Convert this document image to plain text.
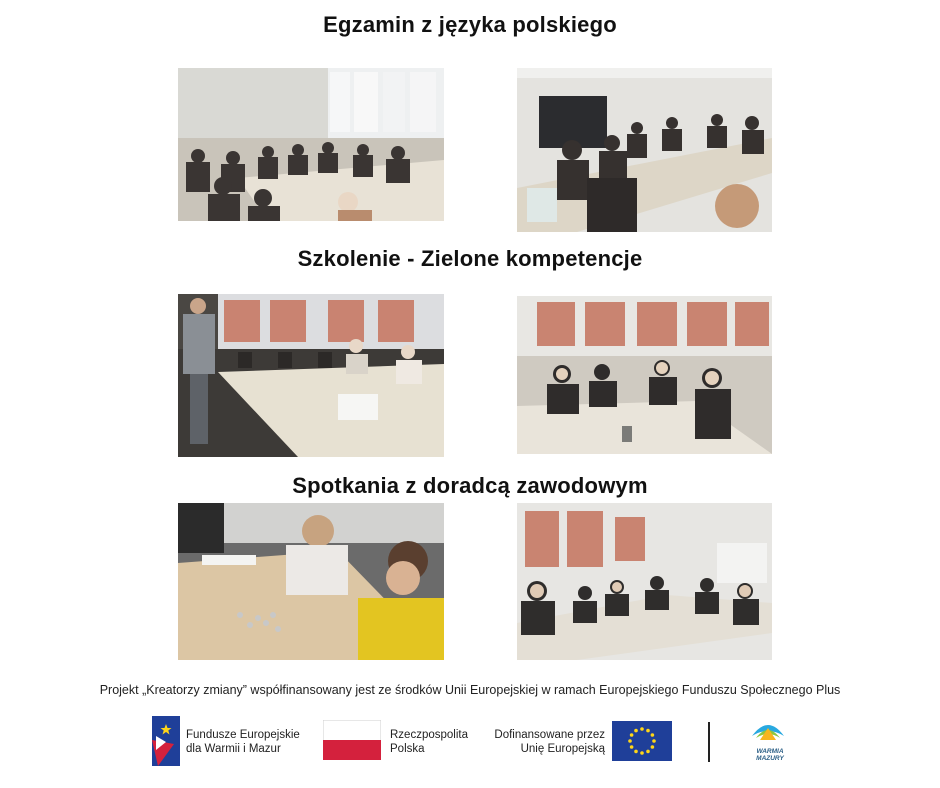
Egzamin z języka polskiego
Szkolenie - Zielone kompetencje
Spotkania z doradcą zawodowym
Projekt „Kreatorzy zmiany” współfinansowany jest ze środków Unii Europejskiej w ramach Europejskiego Funduszu Społecznego Plus
Fundusze Europejskie
dla Warmii i Mazur
Rzeczpospolita
Polska
Dofinansowane przez
Unię Europejską	WARMIA MAZURY
